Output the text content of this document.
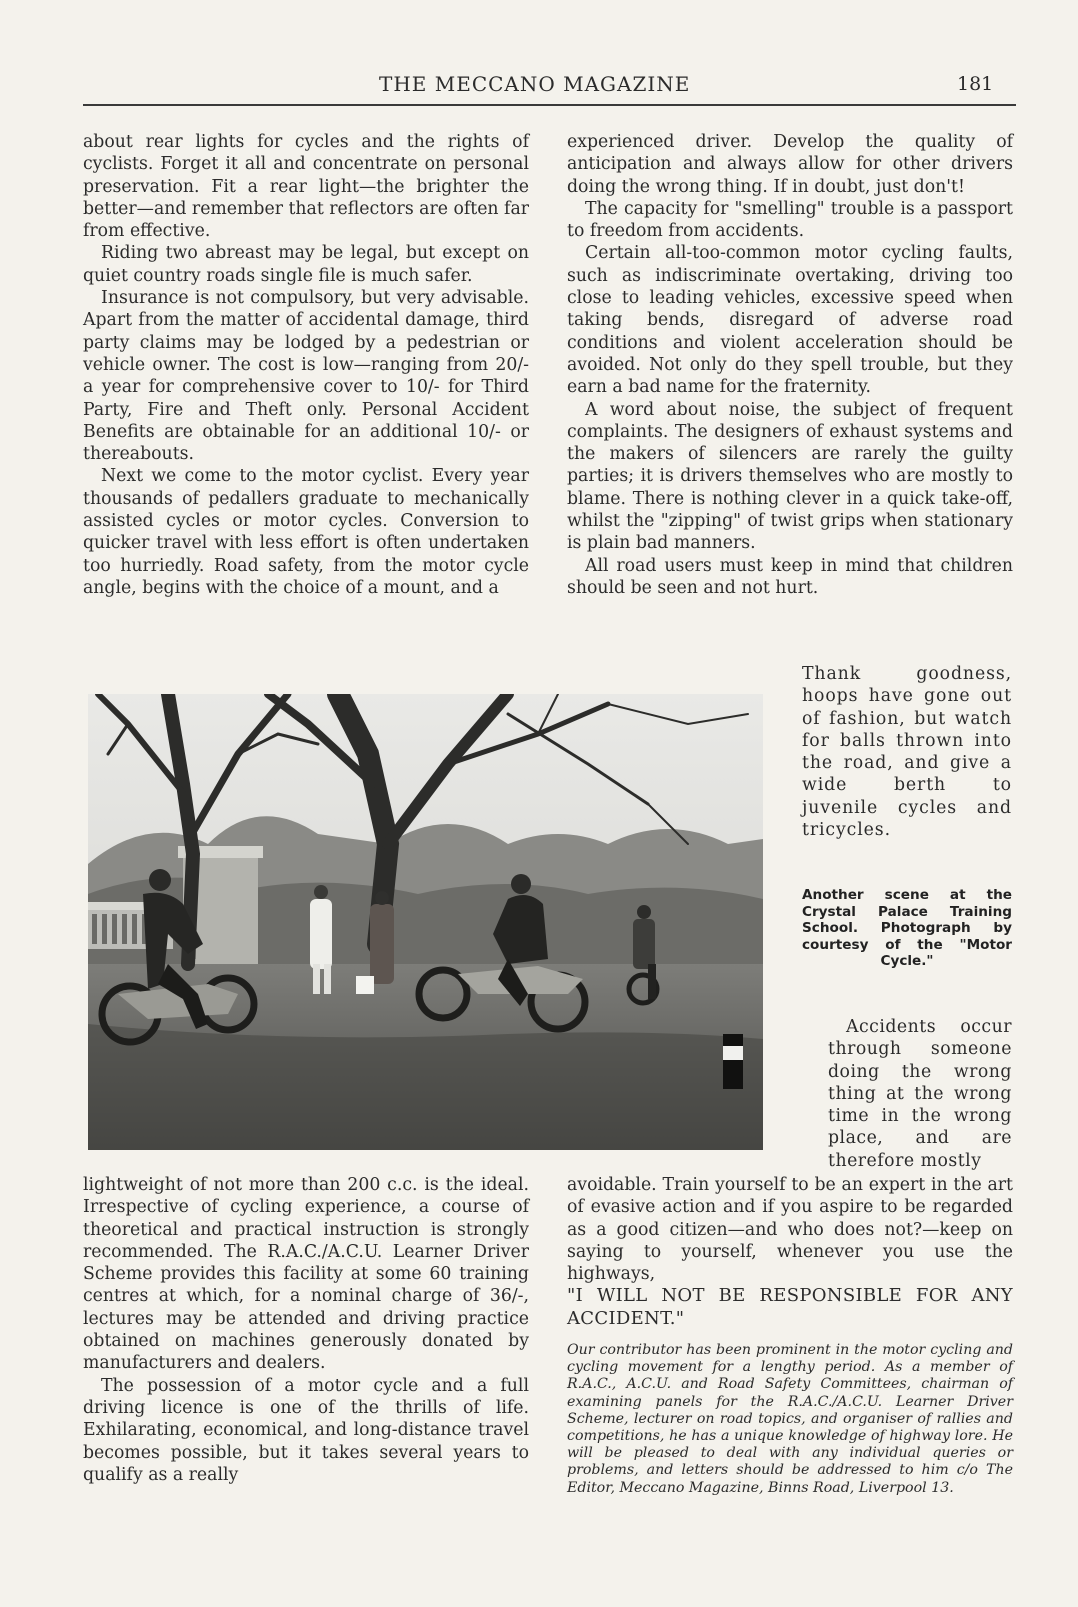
THE MECCANO MAGAZINE	181

about rear lights for cycles and the rights of cyclists. Forget it all and concentrate on personal preservation. Fit a rear light—the brighter the better—and remember that reflectors are often far from effective.

Riding two abreast may be legal, but except on quiet country roads single file is much safer.

Insurance is not compulsory, but very advisable. Apart from the matter of accidental damage, third party claims may be lodged by a pedestrian or vehicle owner. The cost is low—ranging from 20/- a year for comprehensive cover to 10/- for Third Party, Fire and Theft only. Personal Accident Benefits are obtainable for an additional 10/- or thereabouts.

Next we come to the motor cyclist. Every year thousands of pedallers graduate to mechanically assisted cycles or motor cycles. Conversion to quicker travel with less effort is often undertaken too hurriedly. Road safety, from the motor cycle angle, begins with the choice of a mount, and a

experienced driver. Develop the quality of anticipation and always allow for other drivers doing the wrong thing. If in doubt, just don't!

The capacity for "smelling" trouble is a passport to freedom from accidents.

Certain all-too-common motor cycling faults, such as indiscriminate overtaking, driving too close to leading vehicles, excessive speed when taking bends, disregard of adverse road conditions and violent acceleration should be avoided. Not only do they spell trouble, but they earn a bad name for the fraternity.

A word about noise, the subject of frequent complaints. The designers of exhaust systems and the makers of silencers are rarely the guilty parties; it is drivers themselves who are mostly to blame. There is nothing clever in a quick take-off, whilst the "zipping" of twist grips when stationary is plain bad manners.

All road users must keep in mind that children should be seen and not hurt.

Thank goodness, hoops have gone out of fashion, but watch for balls thrown into the road, and give a wide berth to juvenile cycles and tricycles.

Another scene at the Crystal Palace Training School. Photograph by courtesy of the "Motor Cycle."

Accidents occur through someone doing the wrong thing at the wrong time in the wrong place, and are therefore mostly

lightweight of not more than 200 c.c. is the ideal. Irrespective of cycling experience, a course of theoretical and practical instruction is strongly recommended. The R.A.C./A.C.U. Learner Driver Scheme provides this facility at some 60 training centres at which, for a nominal charge of 36/-, lectures may be attended and driving practice obtained on machines generously donated by manufacturers and dealers.

The possession of a motor cycle and a full driving licence is one of the thrills of life. Exhilarating, economical, and long-distance travel becomes possible, but it takes several years to qualify as a really

avoidable. Train yourself to be an expert in the art of evasive action and if you aspire to be regarded as a good citizen—and who does not?—keep on saying to yourself, whenever you use the highways,

"I WILL NOT BE RESPONSIBLE FOR ANY ACCIDENT."

Our contributor has been prominent in the motor cycling and cycling movement for a lengthy period. As a member of R.A.C., A.C.U. and Road Safety Committees, chairman of examining panels for the R.A.C./A.C.U. Learner Driver Scheme, lecturer on road topics, and organiser of rallies and competitions, he has a unique knowledge of highway lore. He will be pleased to deal with any individual queries or problems, and letters should be addressed to him c/o The Editor, Meccano Magazine, Binns Road, Liverpool 13.
